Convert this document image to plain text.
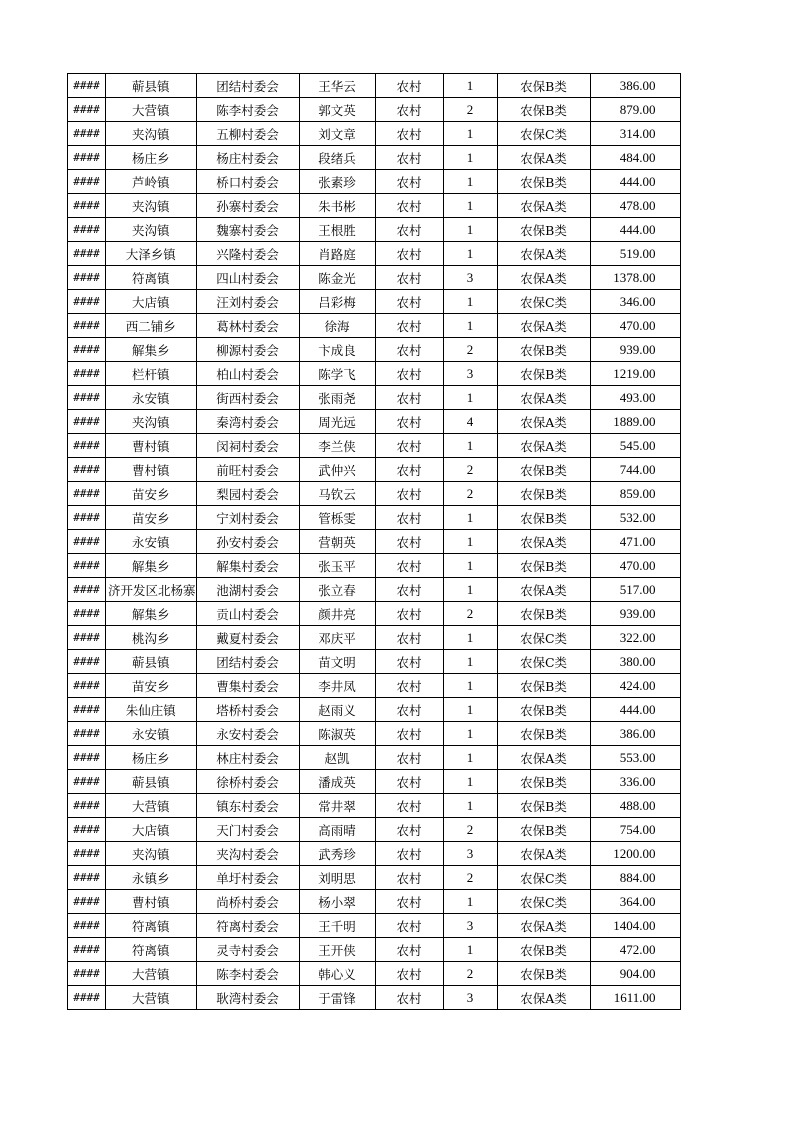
####	蕲县镇	团结村委会	王华云	农村	1	农保B类	386.00
####	大营镇	陈李村委会	郭文英	农村	2	农保B类	879.00
####	夹沟镇	五柳村委会	刘文章	农村	1	农保C类	314.00
####	杨庄乡	杨庄村委会	段绪兵	农村	1	农保A类	484.00
####	芦岭镇	桥口村委会	张素珍	农村	1	农保B类	444.00
####	夹沟镇	孙寨村委会	朱书彬	农村	1	农保A类	478.00
####	夹沟镇	魏寨村委会	王根胜	农村	1	农保B类	444.00
####	大泽乡镇	兴隆村委会	肖路庭	农村	1	农保A类	519.00
####	符离镇	四山村委会	陈金光	农村	3	农保A类	1378.00
####	大店镇	汪刘村委会	吕彩梅	农村	1	农保C类	346.00
####	西二铺乡	葛林村委会	徐海	农村	1	农保A类	470.00
####	解集乡	柳源村委会	卞成良	农村	2	农保B类	939.00
####	栏杆镇	柏山村委会	陈学飞	农村	3	农保B类	1219.00
####	永安镇	街西村委会	张雨尧	农村	1	农保A类	493.00
####	夹沟镇	秦湾村委会	周光远	农村	4	农保A类	1889.00
####	曹村镇	闵祠村委会	李兰侠	农村	1	农保A类	545.00
####	曹村镇	前旺村委会	武仲兴	农村	2	农保B类	744.00
####	苗安乡	梨园村委会	马钦云	农村	2	农保B类	859.00
####	苗安乡	宁刘村委会	管栎雯	农村	1	农保B类	532.00
####	永安镇	孙安村委会	营朝英	农村	1	农保A类	471.00
####	解集乡	解集村委会	张玉平	农村	1	农保B类	470.00
####	济开发区北杨寨	池湖村委会	张立春	农村	1	农保A类	517.00
####	解集乡	贡山村委会	颜井亮	农村	2	农保B类	939.00
####	桃沟乡	戴夏村委会	邓庆平	农村	1	农保C类	322.00
####	蕲县镇	团结村委会	苗文明	农村	1	农保C类	380.00
####	苗安乡	曹集村委会	李井凤	农村	1	农保B类	424.00
####	朱仙庄镇	塔桥村委会	赵雨义	农村	1	农保B类	444.00
####	永安镇	永安村委会	陈淑英	农村	1	农保B类	386.00
####	杨庄乡	林庄村委会	赵凯	农村	1	农保A类	553.00
####	蕲县镇	徐桥村委会	潘成英	农村	1	农保B类	336.00
####	大营镇	镇东村委会	常井翠	农村	1	农保B类	488.00
####	大店镇	天门村委会	高雨晴	农村	2	农保B类	754.00
####	夹沟镇	夹沟村委会	武秀珍	农村	3	农保A类	1200.00
####	永镇乡	单圩村委会	刘明思	农村	2	农保C类	884.00
####	曹村镇	尚桥村委会	杨小翠	农村	1	农保C类	364.00
####	符离镇	符离村委会	王千明	农村	3	农保A类	1404.00
####	符离镇	灵寺村委会	王开侠	农村	1	农保B类	472.00
####	大营镇	陈李村委会	韩心义	农村	2	农保B类	904.00
####	大营镇	耿湾村委会	于雷锋	农村	3	农保A类	1611.00
